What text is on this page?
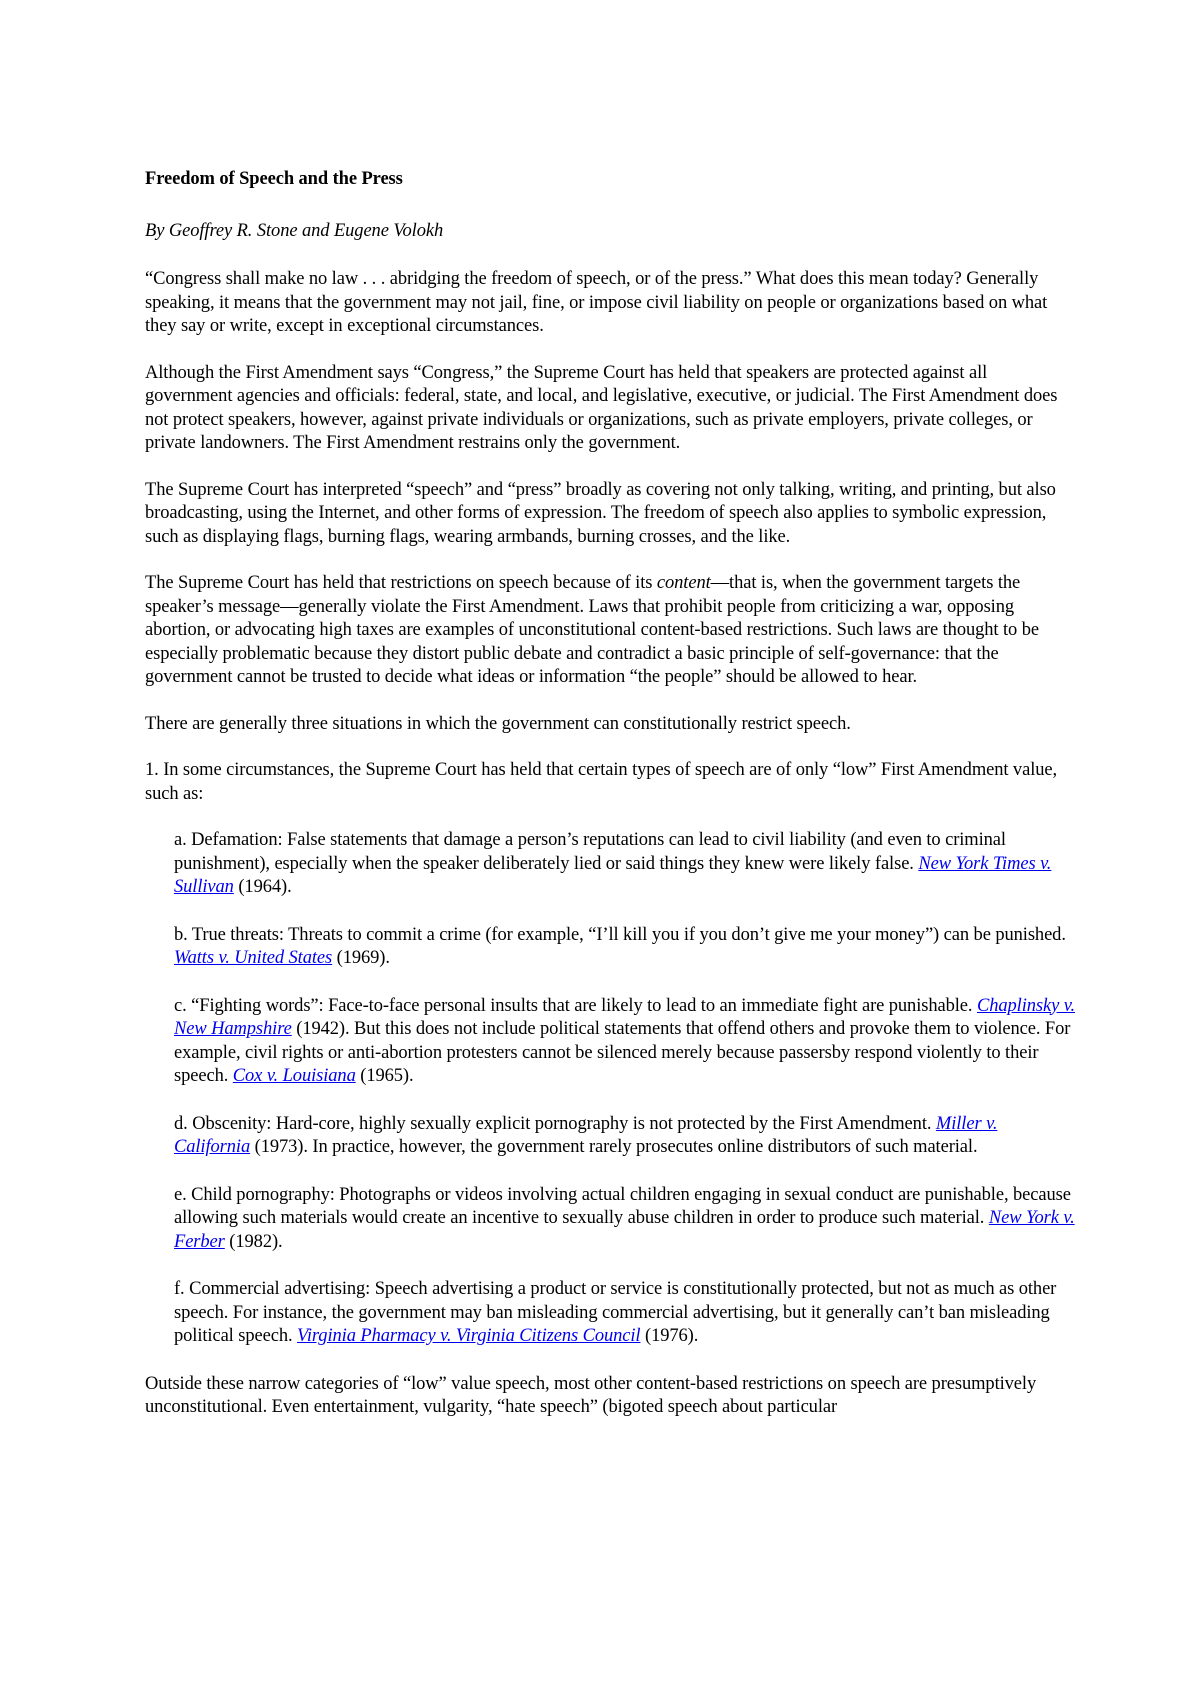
Freedom of Speech and the Press
By Geoffrey R. Stone and Eugene Volokh

“Congress shall make no law . . . abridging the freedom of speech, or of the press.” What does this mean today? Generally speaking, it means that the government may not jail, fine, or impose civil liability on people or organizations based on what they say or write, except in exceptional circumstances.

Although the First Amendment says “Congress,” the Supreme Court has held that speakers are protected against all government agencies and officials: federal, state, and local, and legislative, executive, or judicial. The First Amendment does not protect speakers, however, against private individuals or organizations, such as private employers, private colleges, or private landowners. The First Amendment restrains only the government.

The Supreme Court has interpreted “speech” and “press” broadly as covering not only talking, writing, and printing, but also broadcasting, using the Internet, and other forms of expression. The freedom of speech also applies to symbolic expression, such as displaying flags, burning flags, wearing armbands, burning crosses, and the like.

The Supreme Court has held that restrictions on speech because of its content—that is, when the government targets the speaker’s message—generally violate the First Amendment. Laws that prohibit people from criticizing a war, opposing abortion, or advocating high taxes are examples of unconstitutional content-based restrictions. Such laws are thought to be especially problematic because they distort public debate and contradict a basic principle of self-governance: that the government cannot be trusted to decide what ideas or information “the people” should be allowed to hear.

There are generally three situations in which the government can constitutionally restrict speech.

1. In some circumstances, the Supreme Court has held that certain types of speech are of only “low” First Amendment value, such as:

a. Defamation: False statements that damage a person’s reputations can lead to civil liability (and even to criminal punishment), especially when the speaker deliberately lied or said things they knew were likely false. New York Times v. Sullivan (1964).

b. True threats: Threats to commit a crime (for example, “I’ll kill you if you don’t give me your money”) can be punished. Watts v. United States (1969).

c. “Fighting words”: Face-to-face personal insults that are likely to lead to an immediate fight are punishable. Chaplinsky v. New Hampshire (1942). But this does not include political statements that offend others and provoke them to violence. For example, civil rights or anti-abortion protesters cannot be silenced merely because passersby respond violently to their speech. Cox v. Louisiana (1965).

d. Obscenity: Hard-core, highly sexually explicit pornography is not protected by the First Amendment. Miller v. California (1973). In practice, however, the government rarely prosecutes online distributors of such material.

e. Child pornography: Photographs or videos involving actual children engaging in sexual conduct are punishable, because allowing such materials would create an incentive to sexually abuse children in order to produce such material. New York v. Ferber (1982).

f. Commercial advertising: Speech advertising a product or service is constitutionally protected, but not as much as other speech. For instance, the government may ban misleading commercial advertising, but it generally can’t ban misleading political speech. Virginia Pharmacy v. Virginia Citizens Council (1976).

Outside these narrow categories of “low” value speech, most other content-based restrictions on speech are presumptively unconstitutional. Even entertainment, vulgarity, “hate speech” (bigoted speech about particular
